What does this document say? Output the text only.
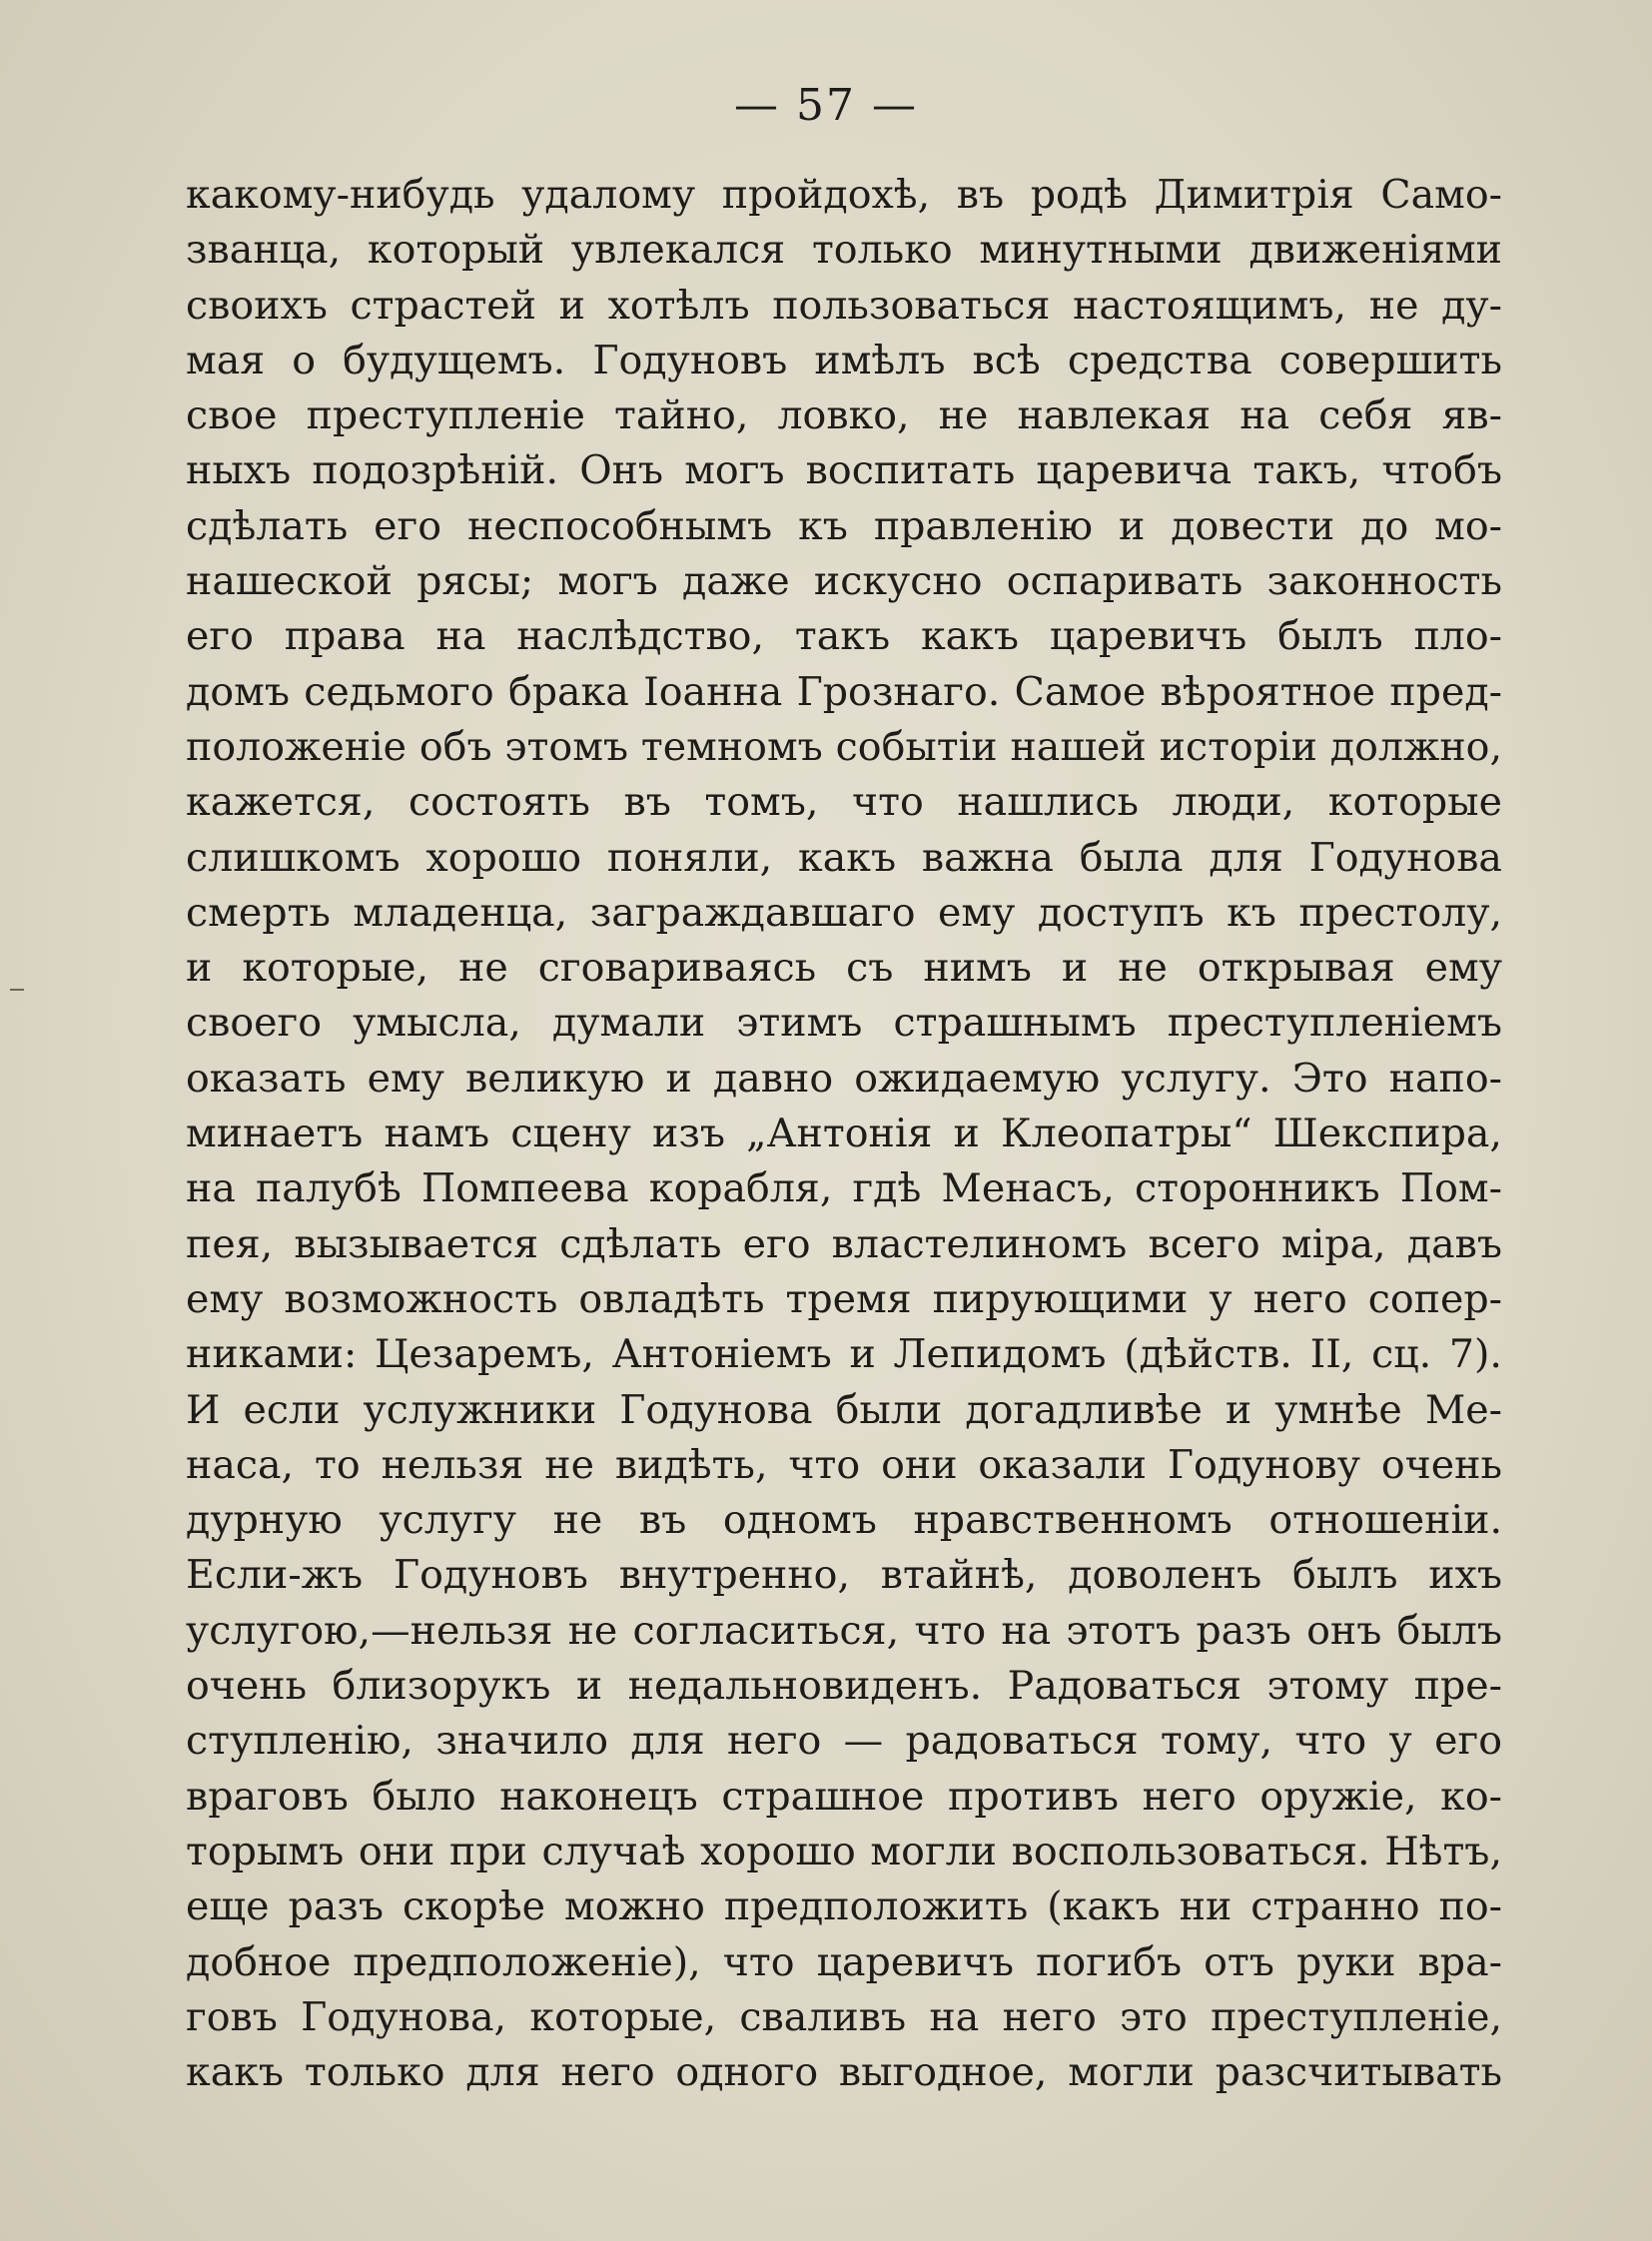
— 57 —
какому-нибудь удалому пройдохѣ, въ родѣ Димитрія Само-
званца, который увлекался только минутными движеніями
своихъ страстей и хотѣлъ пользоваться настоящимъ, не ду-
мая о будущемъ. Годуновъ имѣлъ всѣ средства совершить
свое преступленіе тайно, ловко, не навлекая на себя яв-
ныхъ подозрѣній. Онъ могъ воспитать царевича такъ, чтобъ
сдѣлать его неспособнымъ къ правленію и довести до мо-
нашеской рясы; могъ даже искусно оспаривать законность
его права на наслѣдство, такъ какъ царевичъ былъ пло-
домъ седьмого брака Іоанна Грознаго. Самое вѣроятное пред-
положеніе объ этомъ темномъ событіи нашей исторіи должно,
кажется, состоять въ томъ, что нашлись люди, которые
слишкомъ хорошо поняли, какъ важна была для Годунова
смерть младенца, заграждавшаго ему доступъ къ престолу,
и которые, не сговариваясь съ нимъ и не открывая ему
своего умысла, думали этимъ страшнымъ преступленіемъ
оказать ему великую и давно ожидаемую услугу. Это напо-
минаетъ намъ сцену изъ „Антонія и Клеопатры“ Шекспира,
на палубѣ Помпеева корабля, гдѣ Менасъ, сторонникъ Пом-
пея, вызывается сдѣлать его властелиномъ всего міра, давъ
ему возможность овладѣть тремя пирующими у него сопер-
никами: Цезаремъ, Антоніемъ и Лепидомъ (дѣйств. II, сц. 7).
И если услужники Годунова были догадливѣе и умнѣе Ме-
наса, то нельзя не видѣть, что они оказали Годунову очень
дурную услугу не въ одномъ нравственномъ отношеніи.
Если-жъ Годуновъ внутренно, втайнѣ, доволенъ былъ ихъ
услугою,—нельзя не согласиться, что на этотъ разъ онъ былъ
очень близорукъ и недальновиденъ. Радоваться этому пре-
ступленію, значило для него — радоваться тому, что у его
враговъ было наконецъ страшное противъ него оружіе, ко-
торымъ они при случаѣ хорошо могли воспользоваться. Нѣтъ,
еще разъ скорѣе можно предположить (какъ ни странно по-
добное предположеніе), что царевичъ погибъ отъ руки вра-
говъ Годунова, которые, сваливъ на него это преступленіе,
какъ только для него одного выгодное, могли разсчитывать
